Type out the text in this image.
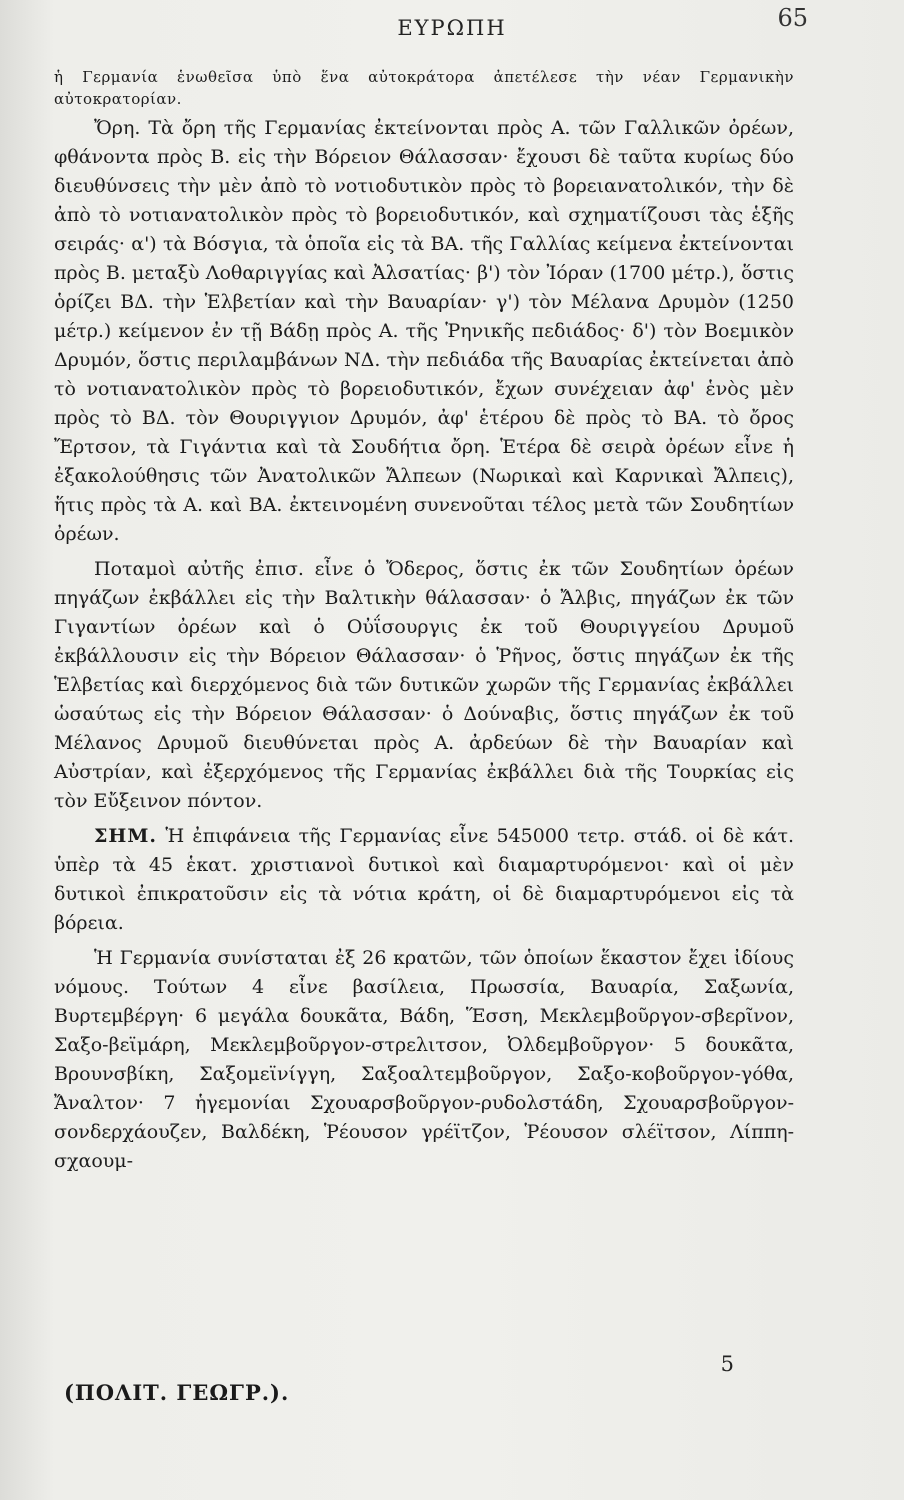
ΕΥΡΩΠΗ	65

ἡ Γερμανία ἑνωθεῖσα ὑπὸ ἕνα αὐτοκράτορα ἀπετέλεσε τὴν νέαν Γερμανικὴν αὐτοκρατορίαν.

Ὄρη. Τὰ ὄρη τῆς Γερμανίας ἐκτείνονται πρὸς Α. τῶν Γαλλικῶν ὀρέων, φθάνοντα πρὸς Β. εἰς τὴν Βόρειον Θάλασσαν· ἔχουσι δὲ ταῦτα κυρίως δύο διευθύνσεις τὴν μὲν ἀπὸ τὸ νοτιοδυτικὸν πρὸς τὸ βορειανατολικόν, τὴν δὲ ἀπὸ τὸ νοτιανατολικὸν πρὸς τὸ βορειοδυτικόν, καὶ σχηματίζουσι τὰς ἑξῆς σειράς· α') τὰ Βόσγια, τὰ ὁποῖα εἰς τὰ ΒΑ. τῆς Γαλλίας κείμενα ἐκτείνονται πρὸς Β. μεταξὺ Λοθαριγγίας καὶ Ἀλσατίας· β') τὸν Ἰόραν (1700 μέτρ.), ὅστις ὁρίζει ΒΔ. τὴν Ἑλβετίαν καὶ τὴν Βαυαρίαν· γ') τὸν Μέλανα Δρυμὸν (1250 μέτρ.) κείμενον ἐν τῇ Βάδῃ πρὸς Α. τῆς Ῥηνικῆς πεδιάδος· δ') τὸν Βοεμικὸν Δρυμόν, ὅστις περιλαμβάνων ΝΔ. τὴν πεδιάδα τῆς Βαυαρίας ἐκτείνεται ἀπὸ τὸ νοτιανατολικὸν πρὸς τὸ βορειοδυτικόν, ἔχων συνέχειαν ἀφ' ἑνὸς μὲν πρὸς τὸ ΒΔ. τὸν Θουριγγιον Δρυμόν, ἀφ' ἑτέρου δὲ πρὸς τὸ ΒΑ. τὸ ὄρος Ἔρτσον, τὰ Γιγάντια καὶ τὰ Σουδήτια ὄρη. Ἑτέρα δὲ σειρὰ ὀρέων εἶνε ἡ ἐξακολούθησις τῶν Ἀνατολικῶν Ἄλπεων (Νωρικαὶ καὶ Καρνικαὶ Ἄλπεις), ἥτις πρὸς τὰ Α. καὶ ΒΑ. ἐκτεινομένη συνενοῦται τέλος μετὰ τῶν Σουδητίων ὀρέων.

Ποταμοὶ αὐτῆς ἐπισ. εἶνε ὁ Ὄδερος, ὅστις ἐκ τῶν Σουδητίων ὀρέων πηγάζων ἐκβάλλει εἰς τὴν Βαλτικὴν θάλασσαν· ὁ Ἄλβις, πηγάζων ἐκ τῶν Γιγαντίων ὀρέων καὶ ὁ Οὐΐσουργις ἐκ τοῦ Θουριγγείου Δρυμοῦ ἐκβάλλουσιν εἰς τὴν Βόρειον Θάλασσαν· ὁ Ῥῆνος, ὅστις πηγάζων ἐκ τῆς Ἑλβετίας καὶ διερχόμενος διὰ τῶν δυτικῶν χωρῶν τῆς Γερμανίας ἐκβάλλει ὡσαύτως εἰς τὴν Βόρειον Θάλασσαν· ὁ Δούναβις, ὅστις πηγάζων ἐκ τοῦ Μέλανος Δρυμοῦ διευθύνεται πρὸς Α. ἀρδεύων δὲ τὴν Βαυαρίαν καὶ Αὐστρίαν, καὶ ἐξερχόμενος τῆς Γερμανίας ἐκβάλλει διὰ τῆς Τουρκίας εἰς τὸν Εὔξεινον πόντον.

ΣΗΜ. Ἡ ἐπιφάνεια τῆς Γερμανίας εἶνε 545000 τετρ. στάδ. οἱ δὲ κάτ. ὑπὲρ τὰ 45 ἑκατ. χριστιανοὶ δυτικοὶ καὶ διαμαρτυρόμενοι· καὶ οἱ μὲν δυτικοὶ ἐπικρατοῦσιν εἰς τὰ νότια κράτη, οἱ δὲ διαμαρτυρόμενοι εἰς τὰ βόρεια.

Ἡ Γερμανία συνίσταται ἐξ 26 κρατῶν, τῶν ὁποίων ἕκαστον ἔχει ἰδίους νόμους. Τούτων 4 εἶνε βασίλεια, Πρωσσία, Βαυαρία, Σαξωνία, Βυρτεμβέργη· 6 μεγάλα δουκᾶτα, Βάδη, Ἕσση, Μεκλεμβοῦργον-σβερῖνον, Σαξο-βεϊμάρη, Μεκλεμβοῦργον-στρελιτσον, Ὀλδεμβοῦργον· 5 δουκᾶτα, Βρουνσβίκη, Σαξομεϊνίγγη, Σαξοαλτεμβοῦργον, Σαξο-κοβοῦργον-γόθα, Ἄναλτον· 7 ἡγεμονίαι Σχουαρσβοῦργον-ρυδολστάδη, Σχουαρσβοῦργον-σονδερχάουζεν, Βαλδέκη, Ῥέουσον γρέϊτζον, Ῥέουσον σλέϊτσον, Λίππη-σχαουμ-

5
(ΠΟΛΙΤ. ΓΕΩΓΡ.).
